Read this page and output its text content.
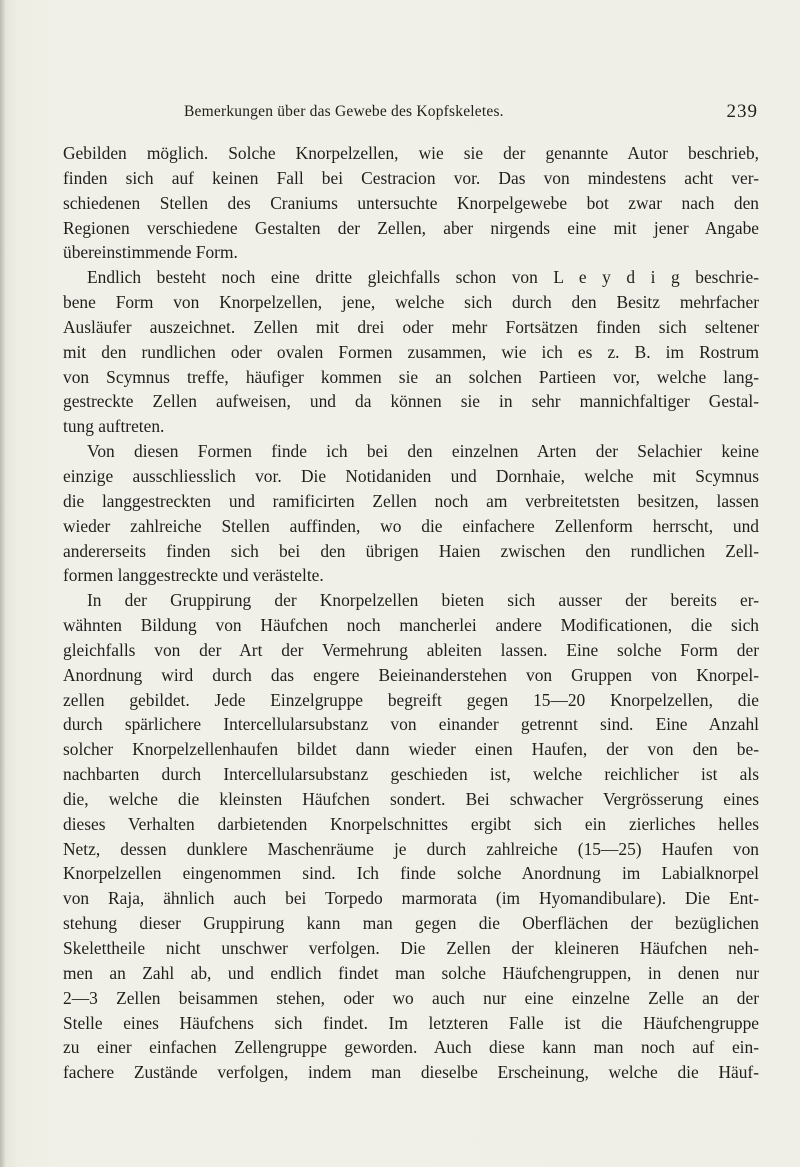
Bemerkungen über das Gewebe des Kopfskeletes.	239
Gebilden möglich. Solche Knorpelzellen, wie sie der genannte Autor beschrieb,
finden sich auf keinen Fall bei Cestracion vor. Das von mindestens acht ver-
schiedenen Stellen des Craniums untersuchte Knorpelgewebe bot zwar nach den
Regionen verschiedene Gestalten der Zellen, aber nirgends eine mit jener Angabe
übereinstimmende Form.
Endlich besteht noch eine dritte gleichfalls schon von L e y d i g beschrie-
bene Form von Knorpelzellen, jene, welche sich durch den Besitz mehrfacher
Ausläufer auszeichnet. Zellen mit drei oder mehr Fortsätzen finden sich seltener
mit den rundlichen oder ovalen Formen zusammen, wie ich es z. B. im Rostrum
von Scymnus treffe, häufiger kommen sie an solchen Partieen vor, welche lang-
gestreckte Zellen aufweisen, und da können sie in sehr mannichfaltiger Gestal-
tung auftreten.
Von diesen Formen finde ich bei den einzelnen Arten der Selachier keine
einzige ausschliesslich vor. Die Notidaniden und Dornhaie, welche mit Scymnus
die langgestreckten und ramificirten Zellen noch am verbreitetsten besitzen, lassen
wieder zahlreiche Stellen auffinden, wo die einfachere Zellenform herrscht, und
andererseits finden sich bei den übrigen Haien zwischen den rundlichen Zell-
formen langgestreckte und verästelte.
In der Gruppirung der Knorpelzellen bieten sich ausser der bereits er-
wähnten Bildung von Häufchen noch mancherlei andere Modificationen, die sich
gleichfalls von der Art der Vermehrung ableiten lassen. Eine solche Form der
Anordnung wird durch das engere Beieinanderstehen von Gruppen von Knorpel-
zellen gebildet. Jede Einzelgruppe begreift gegen 15—20 Knorpelzellen, die
durch spärlichere Intercellularsubstanz von einander getrennt sind. Eine Anzahl
solcher Knorpelzellenhaufen bildet dann wieder einen Haufen, der von den be-
nachbarten durch Intercellularsubstanz geschieden ist, welche reichlicher ist als
die, welche die kleinsten Häufchen sondert. Bei schwacher Vergrösserung eines
dieses Verhalten darbietenden Knorpelschnittes ergibt sich ein zierliches helles
Netz, dessen dunklere Maschenräume je durch zahlreiche (15—25) Haufen von
Knorpelzellen eingenommen sind. Ich finde solche Anordnung im Labialknorpel
von Raja, ähnlich auch bei Torpedo marmorata (im Hyomandibulare). Die Ent-
stehung dieser Gruppirung kann man gegen die Oberflächen der bezüglichen
Skelettheile nicht unschwer verfolgen. Die Zellen der kleineren Häufchen neh-
men an Zahl ab, und endlich findet man solche Häufchengruppen, in denen nur
2—3 Zellen beisammen stehen, oder wo auch nur eine einzelne Zelle an der
Stelle eines Häufchens sich findet. Im letzteren Falle ist die Häufchengruppe
zu einer einfachen Zellengruppe geworden. Auch diese kann man noch auf ein-
fachere Zustände verfolgen, indem man dieselbe Erscheinung, welche die Häuf-
